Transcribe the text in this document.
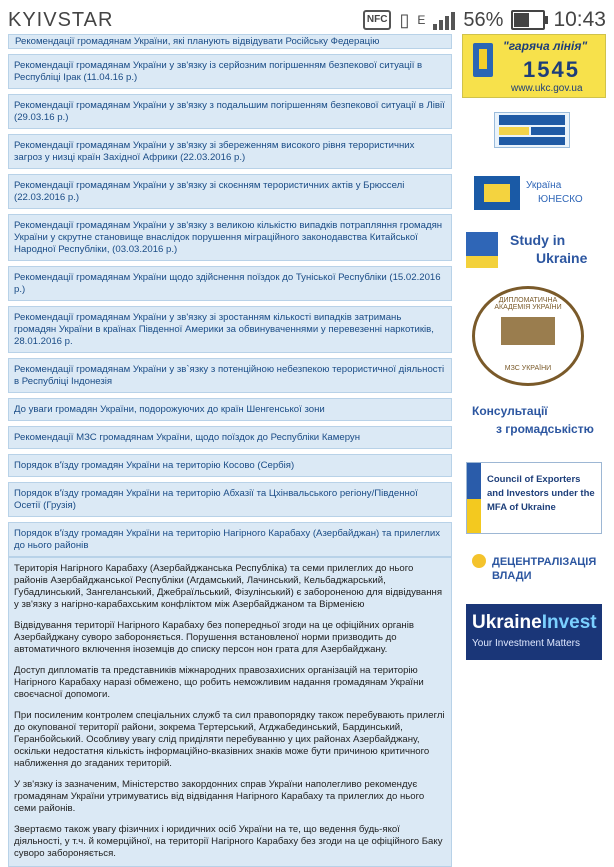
KYIVSTAR	NFC ▯ E 56% 10:43
Рекомендації громадянам України, які планують відвідувати Російську Федерацію
Рекомендації громадянам України у зв'язку із серйозним погіршенням безпекової ситуації в Республіці Ірак (11.04.16 р.)
Рекомендації громадянам України у зв'язку з подальшим погіршенням безпекової ситуації в Лівії (29.03.16 р.)
Рекомендації громадянам України у зв'язку зі збереженням високого рівня терористичних загроз у низці країн Західної Африки (22.03.2016 р.)
Рекомендації громадянам України у зв'язку зі скоєнням терористичних актів у Брюсселі (22.03.2016 р.)
Рекомендації громадянам України у зв'язку з великою кількістю випадків потрапляння громадян України у скрутне становище внаслідок порушення міграційного законодавства Китайської Народної Республіки, (03.03.2016 р.)
Рекомендації громадянам України щодо здійснення поїздок до Туніської Республіки (15.02.2016 р.)
Рекомендації громадянам України у зв'язку зі зростанням кількості випадків затримань громадян України в країнах Південної Америки за обвинуваченнями у перевезенні наркотиків, 28.01.2016 р.
Рекомендації громадянам України у зв`язку з потенційною небезпекою терористичної діяльності в Республіці Індонезія
До уваги громадян України, подорожуючих до країн Шенгенської зони
Рекомендації МЗС громадянам України, щодо поїздок до Республіки Камерун
Порядок в'їзду громадян України на територію Косово (Сербія)
Порядок в'їзду громадян України на територію Абхазії та Цхінвальського регіону/Південної Осетії (Грузія)
Порядок в'їзду громадян України на територію Нагірного Карабаху (Азербайджан) та прилеглих до нього районів

Територія Нагірного Карабаху (Азербайджанська Республіка) та семи прилеглих до нього районів Азербайджанської Республіки (Агдамський, Лачинський, Кельбаджарський, Губадлинський, Зангеланський, Джебраїльський, Фізулінський) є забороненою для відвідування у зв'язку з нагірно-карабахським конфліктом між Азербайджаном та Вірменією

Відвідування території Нагірного Карабаху без попередньої згоди на це офіційних органів Азербайджану суворо забороняється. Порушення встановленої норми призводить до автоматичного включення іноземців до списку персон нон грата для Азербайджану.

Доступ дипломатів та представників міжнародних правозахисних організацій на територію Нагірного Карабаху наразі обмежено, що робить неможливим надання громадянам України своєчасної допомоги.

При посиленим контролем спеціальних служб та сил правопорядку також перебувають прилеглі до окупованої території райони, зокрема Тертерський, Агджабединський, Бардинський, Геранбойський. Особливу увагу слід приділяти перебуванню у цих районах Азербайджану, оскільки недостатня кількість інформаційно-вказівних знаків може бути причиною критичного наближення до згаданих територій.

У зв'язку із зазначеним, Міністерство закордонних справ України наполегливо рекомендує громадянам України утримуватись від відвідання Нагірного Карабаху та прилеглих до нього семи районів.

Звертаємо також увагу фізичних і юридичних осіб України на те, що ведення будь-якої діяльності, у т.ч. й комерційної, на території Нагірного Карабаху без згоди на це офіційного Баку суворо забороняється.

"гаряча лінія"
1545
www.ukc.gov.ua
Україна
ЮНЕСКО
Study in
Ukraine
ДИПЛОМАТИЧНА АКАДЕМІЯ УКРАЇНИ
МЗС УКРАЇНИ
Консультації
з громадськістю
Council of Exporters and Investors under the MFA of Ukraine
ДЕЦЕНТРАЛІЗАЦІЯ
ВЛАДИ
UkraineInvest
Your Investment Matters
